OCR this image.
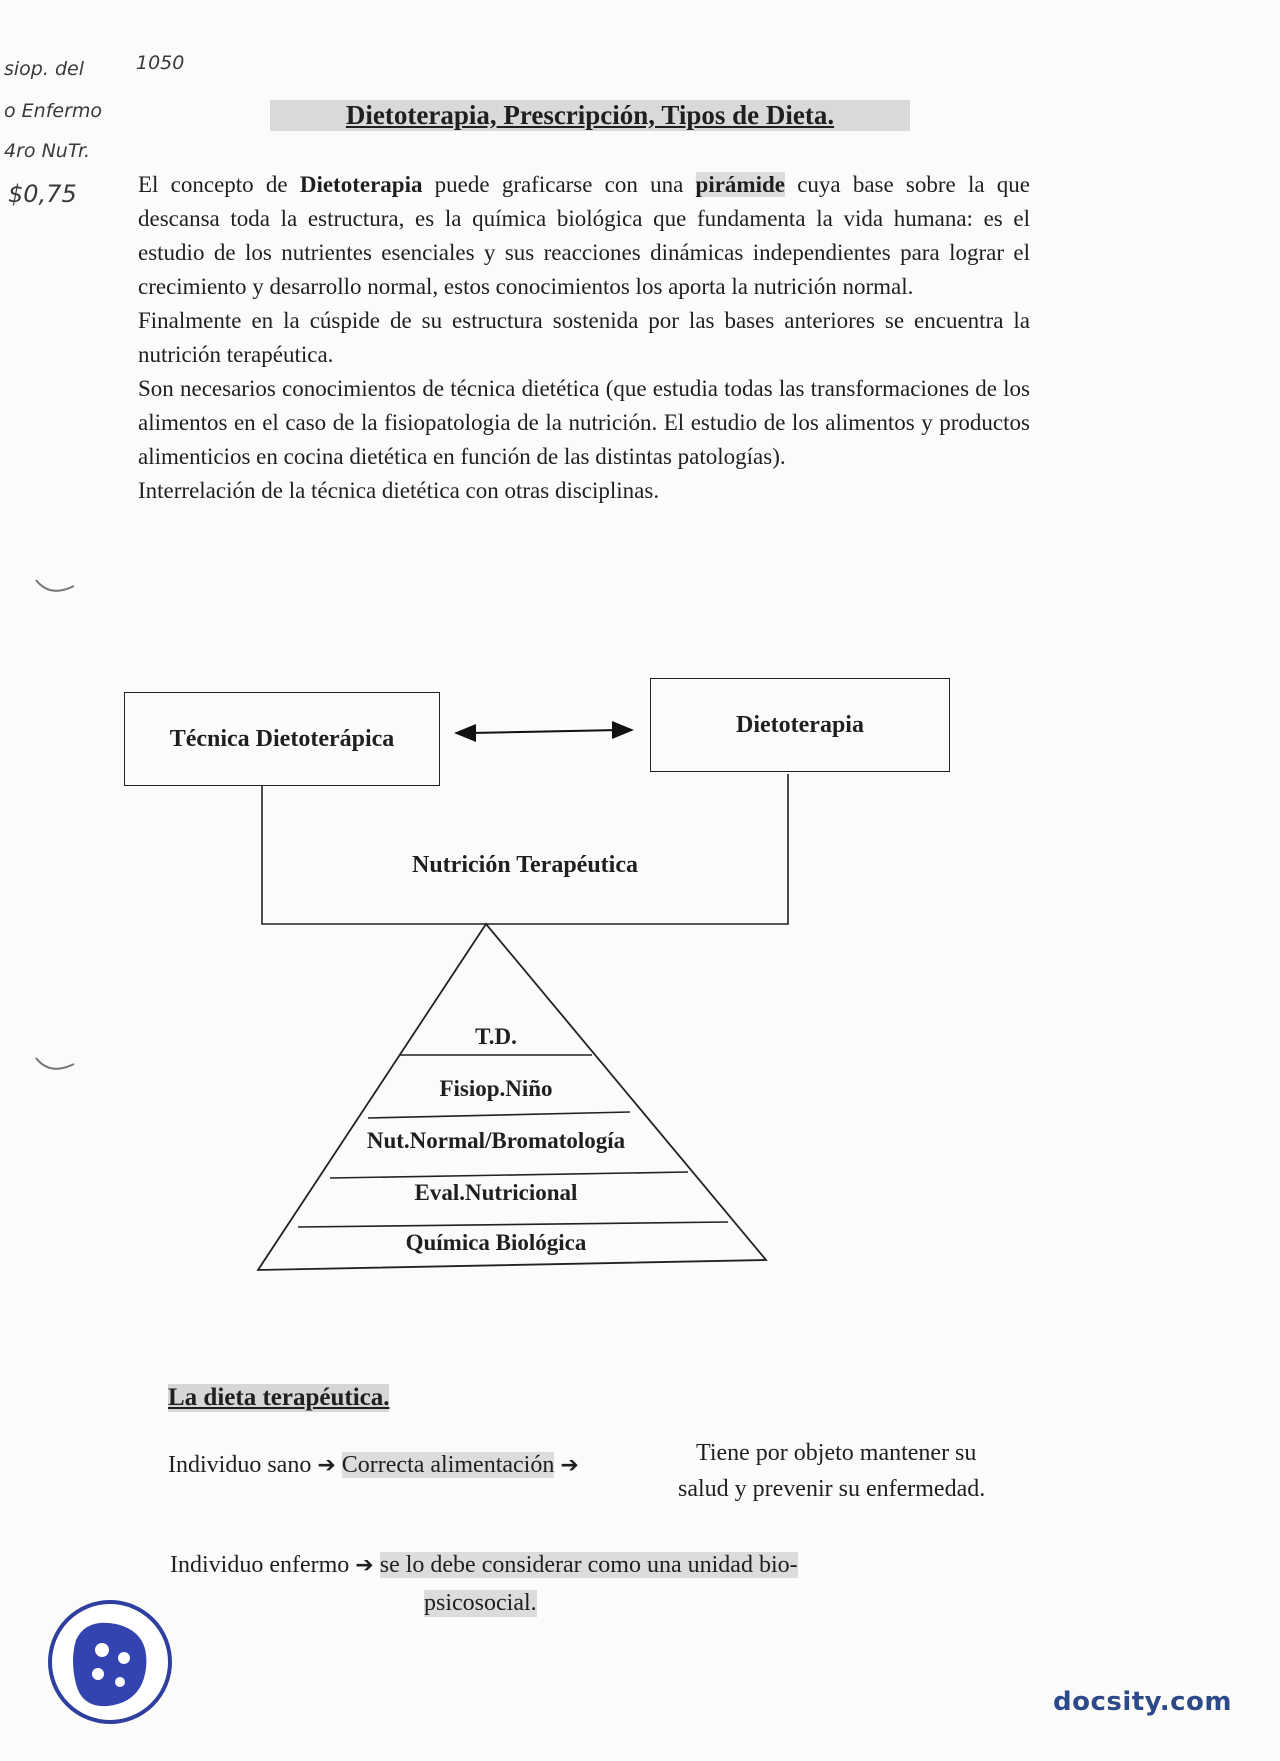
siop. del	1050
o Enfermo
4ro NuTr.
$0,75
Dietoterapia, Prescripción, Tipos de Dieta.

El concepto de Dietoterapia puede graficarse con una pirámide cuya base sobre la que descansa toda la estructura, es la química biológica que fundamenta la vida humana: es el estudio de los nutrientes esenciales y sus reacciones dinámicas independientes para lograr el crecimiento y desarrollo normal, estos conocimientos los aporta la nutrición normal.

Finalmente en la cúspide de su estructura sostenida por las bases anteriores se encuentra la nutrición terapéutica.

Son necesarios conocimientos de técnica dietética (que estudia todas las transformaciones de los alimentos en el caso de la fisiopatologia de la nutrición. El estudio de los alimentos y productos alimenticios en cocina dietética en función de las distintas patologías).

Interrelación de la técnica dietética con otras disciplinas.

Técnica Dietoterápica
Dietoterapia
Nutrición Terapéutica
T.D.
Fisiop.Niño
Nut.Normal/Bromatología
Eval.Nutricional
Química Biológica
La dieta terapéutica.
Individuo sano ➔ Correcta alimentación ➔	Tiene por objeto mantener su
salud y prevenir su enfermedad.
Individuo enfermo ➔ se lo debe considerar como una unidad bio-
psicosocial.
docsity.com
